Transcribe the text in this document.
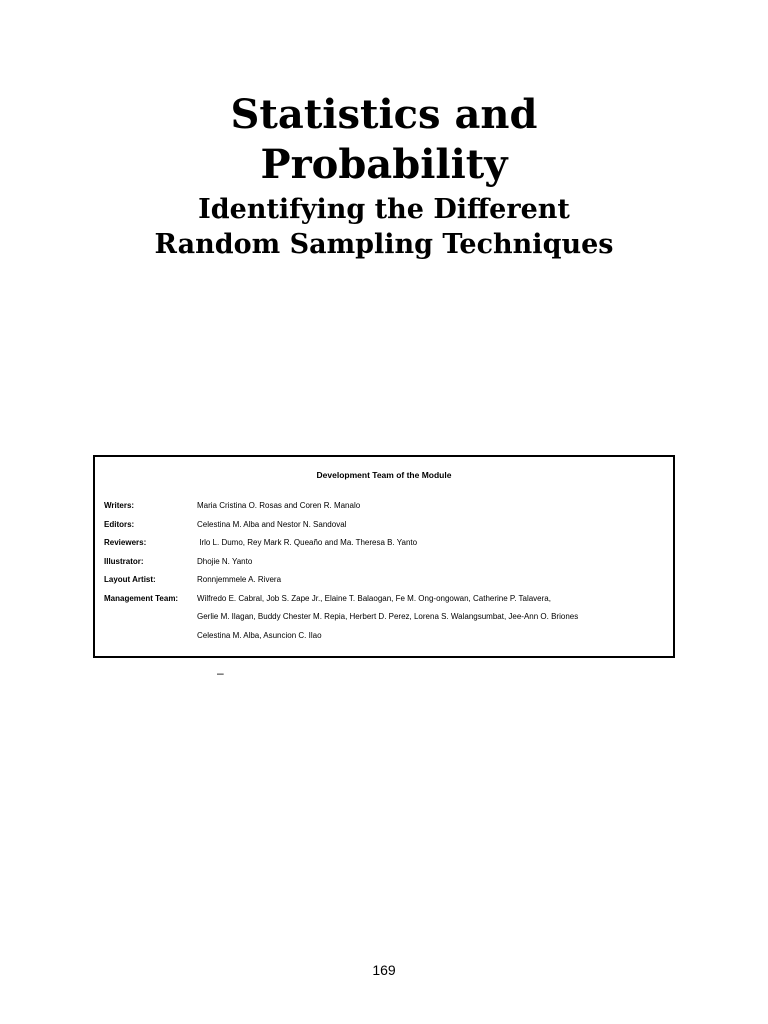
Statistics and
Probability
Identifying the Different
Random Sampling Techniques
Development Team of the Module
Writers:	Maria Cristina O. Rosas and Coren R. Manalo
Editors:	Celestina M. Alba and Nestor N. Sandoval
Reviewers:	Irlo L. Dumo, Rey Mark R. Queaño and Ma. Theresa B. Yanto
Illustrator:	Dhojie N. Yanto
Layout Artist:	Ronnjemmele A. Rivera
Management Team:	Wilfredo E. Cabral, Job S. Zape Jr., Elaine T. Balaogan, Fe M. Ong-ongowan, Catherine P. Talavera,
Gerlie M. Ilagan, Buddy Chester M. Repia, Herbert D. Perez, Lorena S. Walangsumbat, Jee-Ann O. Briones
Celestina M. Alba, Asuncion C. Ilao
–
169
